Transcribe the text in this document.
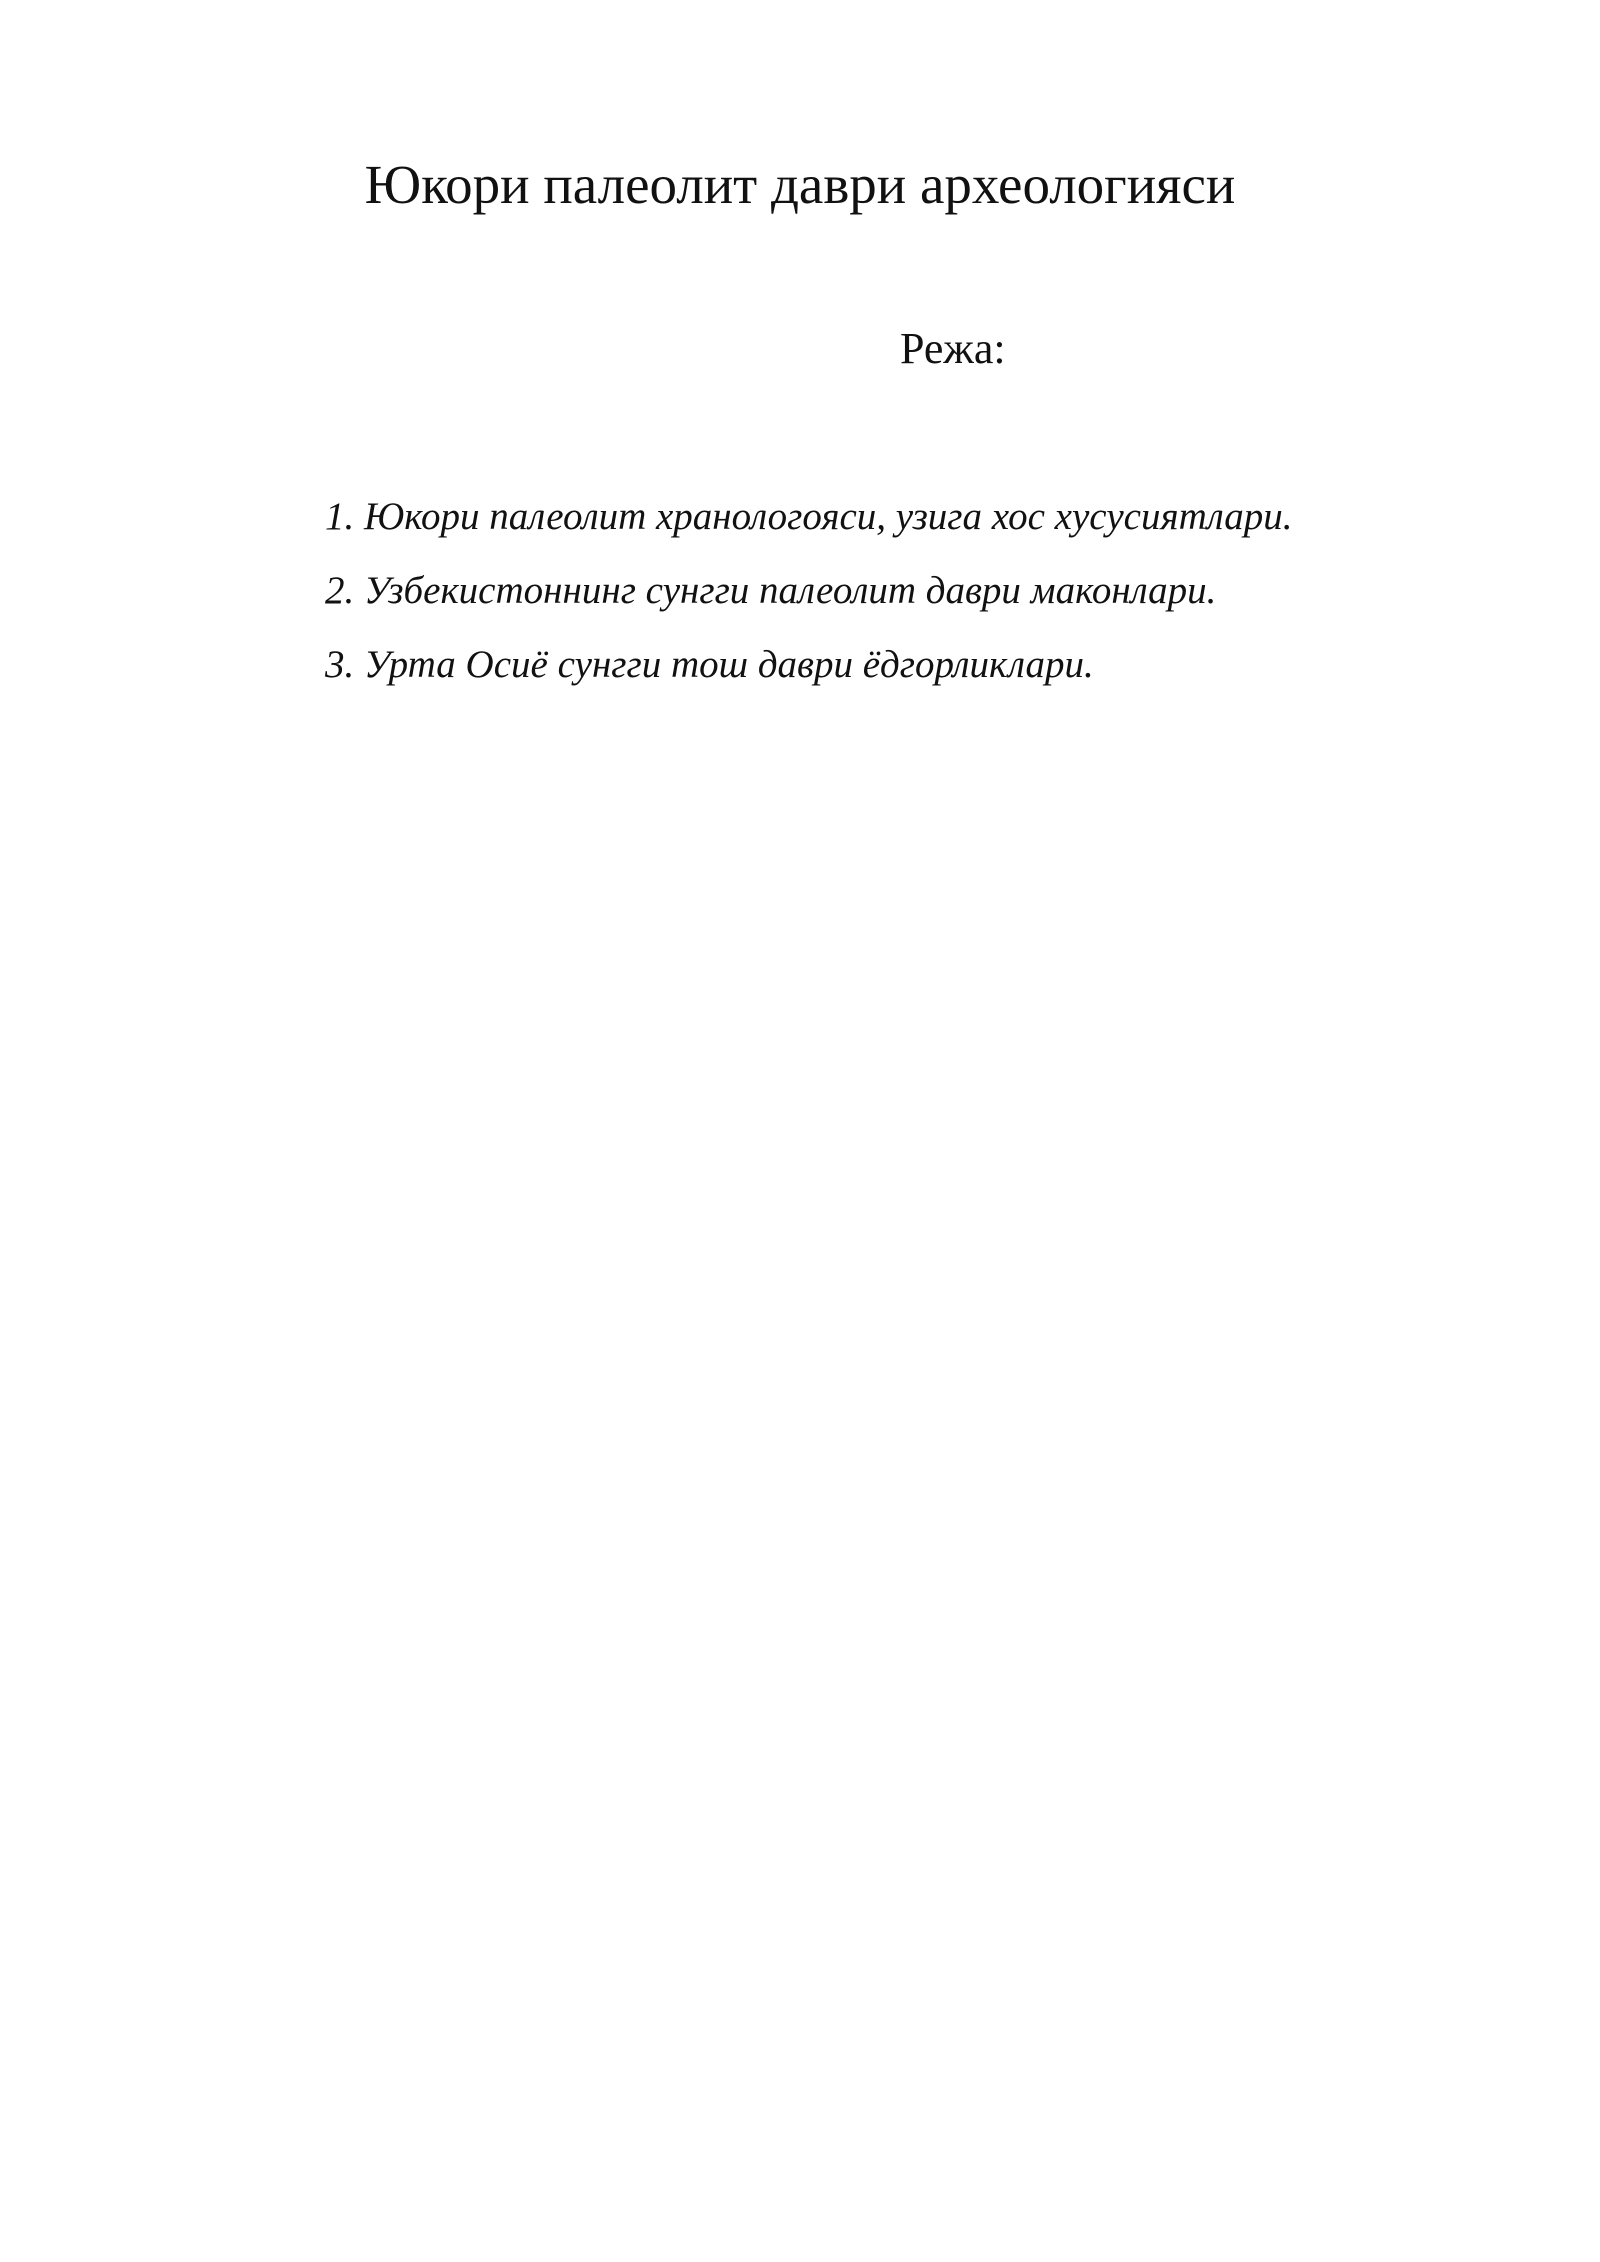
Юкори палеолит даври археологияси
Режа:
1. Юкори палеолит хранологояси, узига хос хусусиятлари.
2. Узбекистоннинг сунгги палеолит даври маконлари.
3. Урта Осиё сунгги тош даври ёдгорликлари.
